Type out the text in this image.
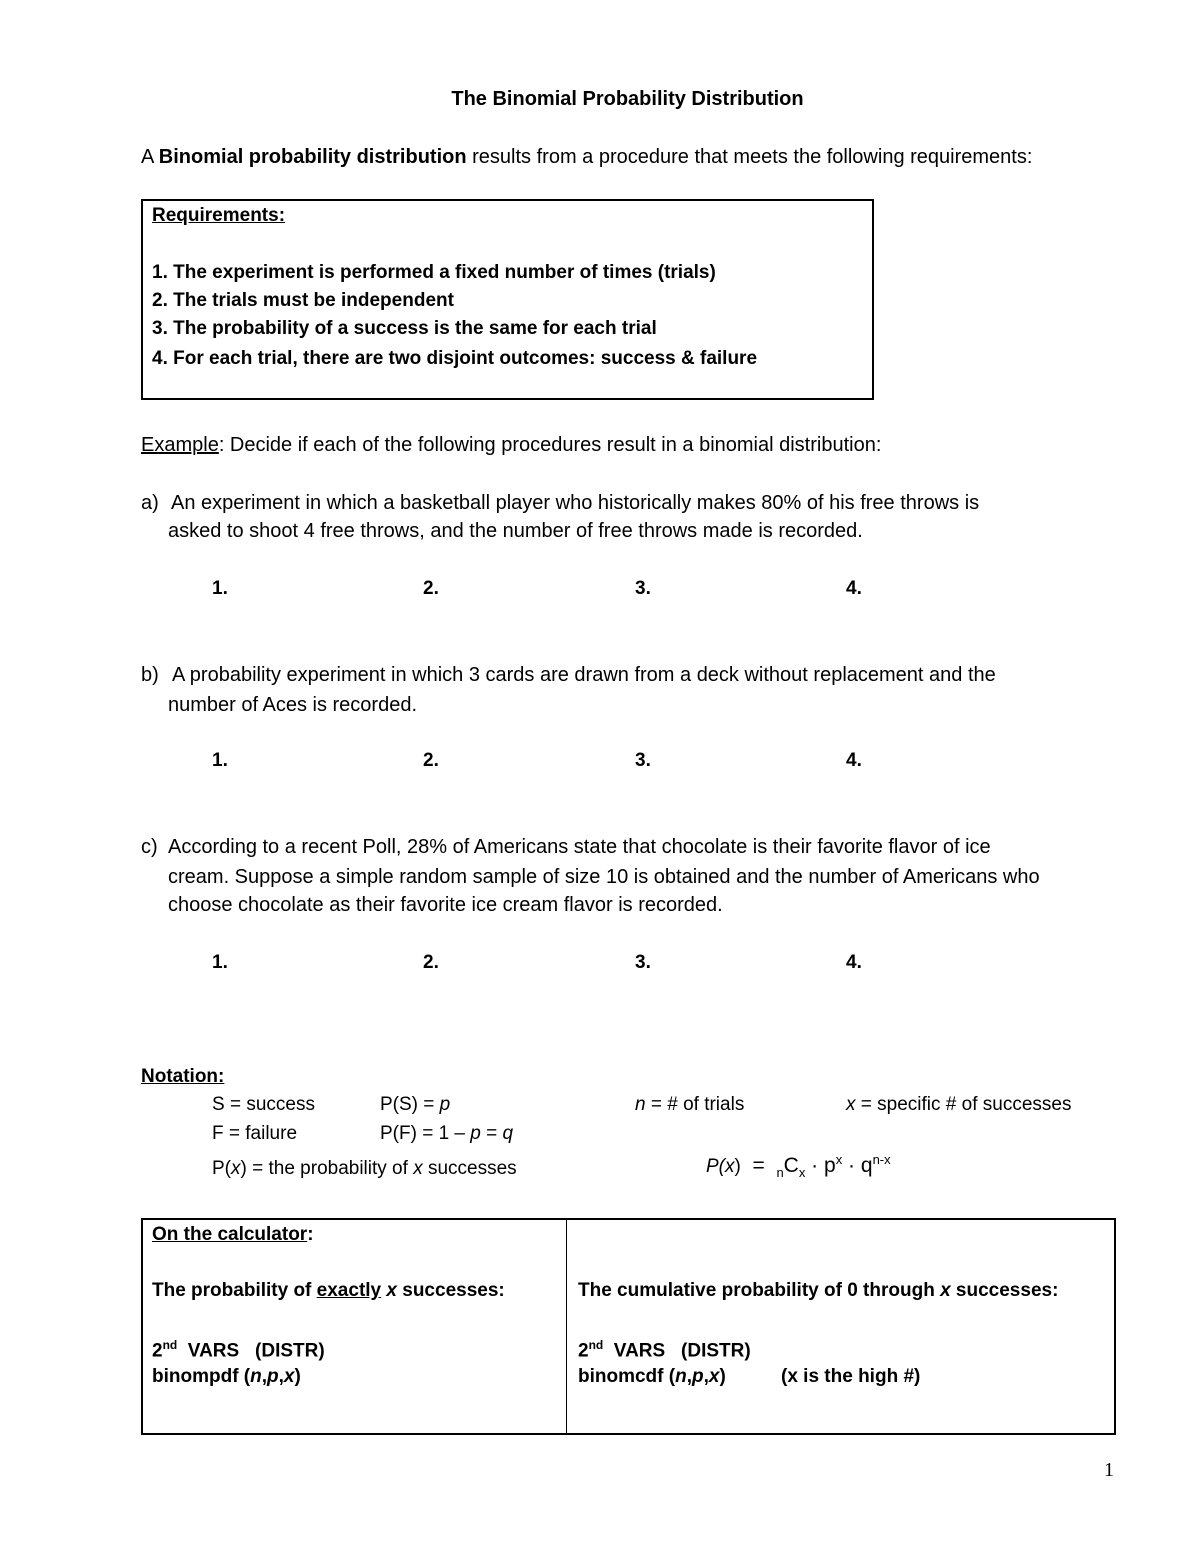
The Binomial Probability Distribution
A Binomial probability distribution results from a procedure that meets the following requirements:
Requirements:
1. The experiment is performed a fixed number of times (trials)
2. The trials must be independent
3. The probability of a success is the same for each trial
4. For each trial, there are two disjoint outcomes: success & failure
Example: Decide if each of the following procedures result in a binomial distribution:
a) An experiment in which a basketball player who historically makes 80% of his free throws is
asked to shoot 4 free throws, and the number of free throws made is recorded.
1.	2.	3.	4.
b) A probability experiment in which 3 cards are drawn from a deck without replacement and the
number of Aces is recorded.
1.	2.	3.	4.
c) According to a recent Poll, 28% of Americans state that chocolate is their favorite flavor of ice
cream. Suppose a simple random sample of size 10 is obtained and the number of Americans who
choose chocolate as their favorite ice cream flavor is recorded.
1.	2.	3.	4.
Notation:
S = success	P(S) = p	n = # of trials	x = specific # of successes
F = failure	P(F) = 1 – p = q
P(x) = the probability of x successes	$P(x) = _nC_x \cdot p^x \cdot q^{n-x}$
On the calculator:
The probability of exactly x successes:
2nd  VARS   (DISTR)
binompdf (n,p,x)
The cumulative probability of 0 through x successes:
2nd  VARS   (DISTR)
binomcdf (n,p,x)	(x is the high #)
1
